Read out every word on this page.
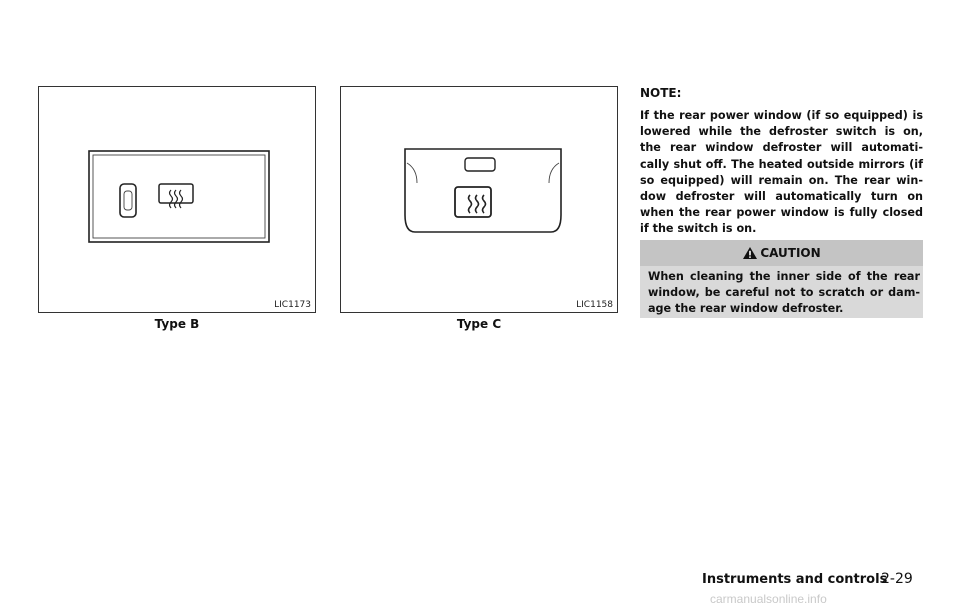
LIC1173
Type B
LIC1158
Type C
NOTE:
If the rear power window (if so equipped) is lowered while the defroster switch is on, the rear window defroster will automati-cally shut off. The heated outside mirrors (if so equipped) will remain on. The rear win-dow defroster will automatically turn on when the rear power window is fully closed if the switch is on.
CAUTION
When cleaning the inner side of the rear window, be careful not to scratch or dam-age the rear window defroster.
Instruments and controls
2-29
carmanualsonline.info
